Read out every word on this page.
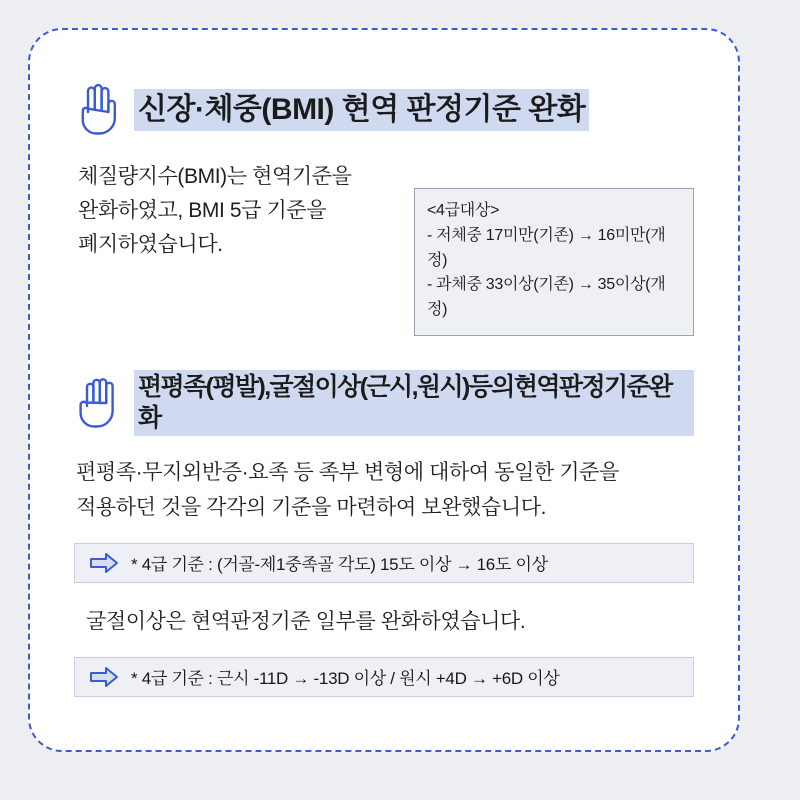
신장·체중(BMI) 현역 판정기준 완화
체질량지수(BMI)는 현역기준을
완화하였고, BMI 5급 기준을
폐지하였습니다.
<4급대상>
- 저체중 17미만(기존) → 16미만(개정)
- 과체중 33이상(기존) → 35이상(개정)
편평족(평발),굴절이상(근시,원시)등의현역판정기준완화
편평족·무지외반증·요족 등 족부 변형에 대하여 동일한 기준을
적용하던 것을 각각의 기준을 마련하여 보완했습니다.
* 4급 기준 : (거골-제1중족골 각도) 15도 이상 → 16도 이상
굴절이상은 현역판정기준 일부를 완화하였습니다.
* 4급 기준 : 근시 -11D → -13D 이상 / 원시 +4D → +6D 이상
